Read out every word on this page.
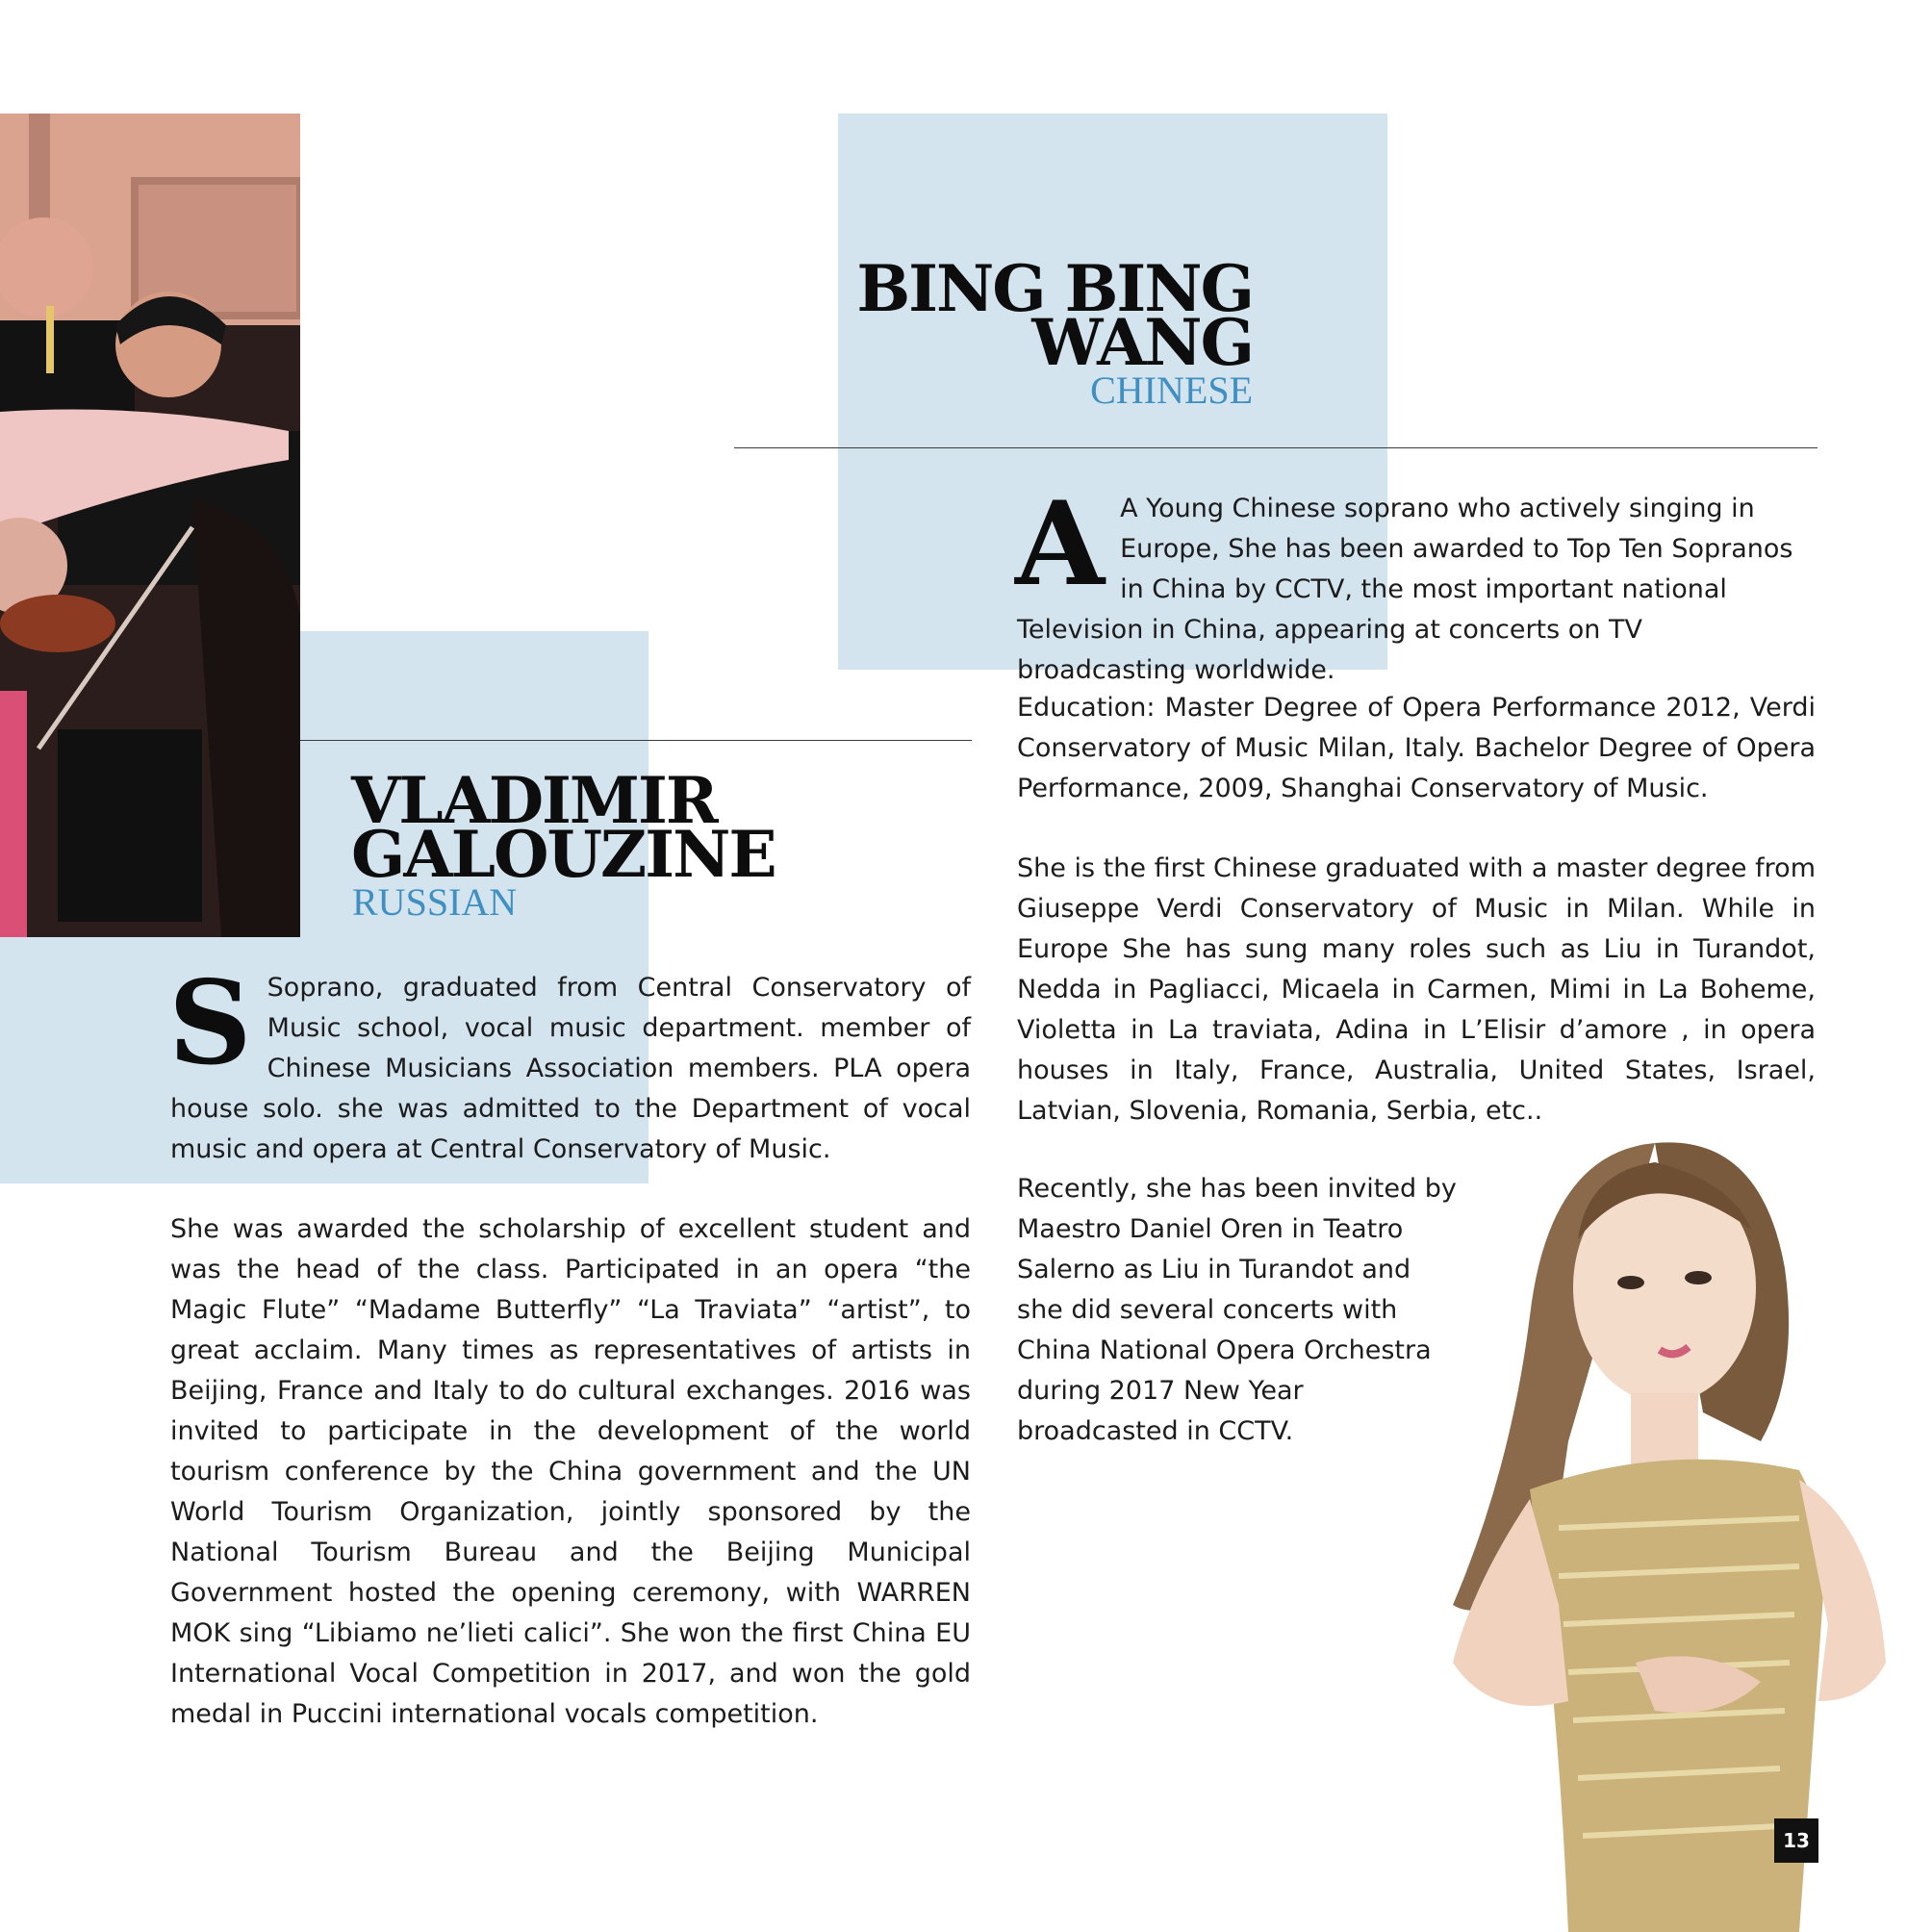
VLADIMIR
GALOUZINE
RUSSIAN
S Soprano, graduated from Central Conservatory of Music school, vocal music department. member of Chinese Musicians Association members. PLA opera house solo. she was admitted to the Department of vocal music and opera at Central Conservatory of Music.
She was awarded the scholarship of excellent student and was the head of the class. Participated in an opera “the Magic Flute” “Madame Butterfly” “La Traviata” “artist”, to great acclaim. Many times as representatives of artists in Beijing, France and Italy to do cultural exchanges. 2016 was invited to participate in the development of the world tourism conference by the China government and the UN World Tourism Organization, jointly sponsored by the National Tourism Bureau and the Beijing Municipal Government hosted the opening ceremony, with WARREN MOK sing “Libiamo ne’lieti calici”. She won the first China EU International Vocal Competition in 2017, and won the gold medal in Puccini international vocals competition.
BING BING
WANG
CHINESE
A A Young Chinese soprano who actively singing in Europe, She has been awarded to Top Ten Sopranos in China by CCTV, the most important national Television in China, appearing at concerts on TV broadcasting worldwide.
Education: Master Degree of Opera Performance 2012, Verdi Conservatory of Music Milan, Italy. Bachelor Degree of Opera Performance, 2009, Shanghai Conservatory of Music.
She is the first Chinese graduated with a master degree from Giuseppe Verdi Conservatory of Music in Milan. While in Europe She has sung many roles such as Liu in Turandot, Nedda in Pagliacci, Micaela in Carmen, Mimi in La Boheme, Violetta in La traviata, Adina in L’Elisir d’amore , in opera houses in Italy, France, Australia, United States, Israel, Latvian, Slovenia, Romania, Serbia, etc..
Recently, she has been invited by Maestro Daniel Oren in Teatro Salerno as Liu in Turandot and she did several concerts with China National Opera Orchestra during 2017 New Year broadcasted in CCTV.
13
